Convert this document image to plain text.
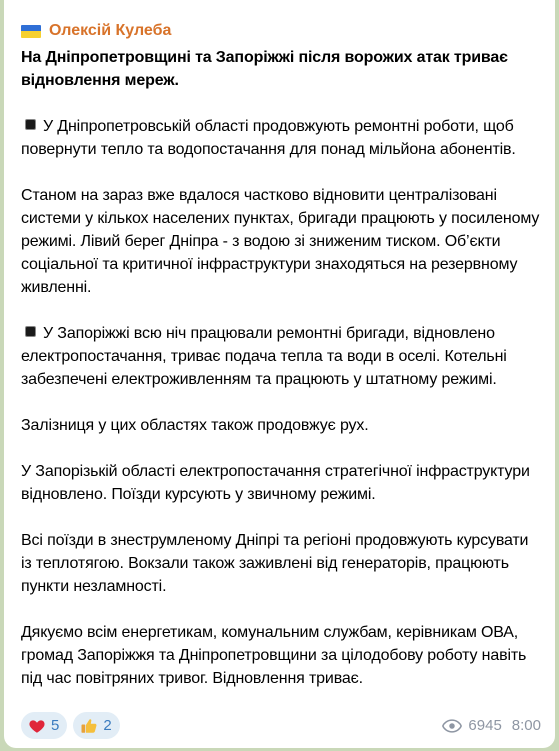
Олексій Кулеба
На Дніпропетровщині та Запоріжжі після ворожих атак триває відновлення мереж.
У Дніпропетровській області продовжують ремонтні роботи, щоб повернути тепло та водопостачання для понад мільйона абонентів.
Станом на зараз вже вдалося частково відновити централізовані системи у кількох населених пунктах, бригади працюють у посиленому режимі. Лівий берег Дніпра - з водою зі зниженим тиском. Об’єкти соціальної та критичної інфраструктури знаходяться на резервному живленні.
У Запоріжжі всю ніч працювали ремонтні бригади, відновлено електропостачання, триває подача тепла та води в оселі. Котельні забезпечені електроживленням та працюють у штатному режимі.
Залізниця у цих областях також продовжує рух.
У Запорізькій області електропостачання стратегічної інфраструктури відновлено. Поїзди курсують у звичному режимі.
Всі поїзди в знеструмленому Дніпрі та регіоні продовжують курсувати із теплотягою. Вокзали також заживлені від генераторів, працюють пункти незламності.
Дякуємо всім енергетикам, комунальним службам, керівникам ОВА, громад Запоріжжя та Дніпропетровщини за цілодобову роботу навіть під час повітряних тривог. Відновлення триває.
5	2	6945 8:00
